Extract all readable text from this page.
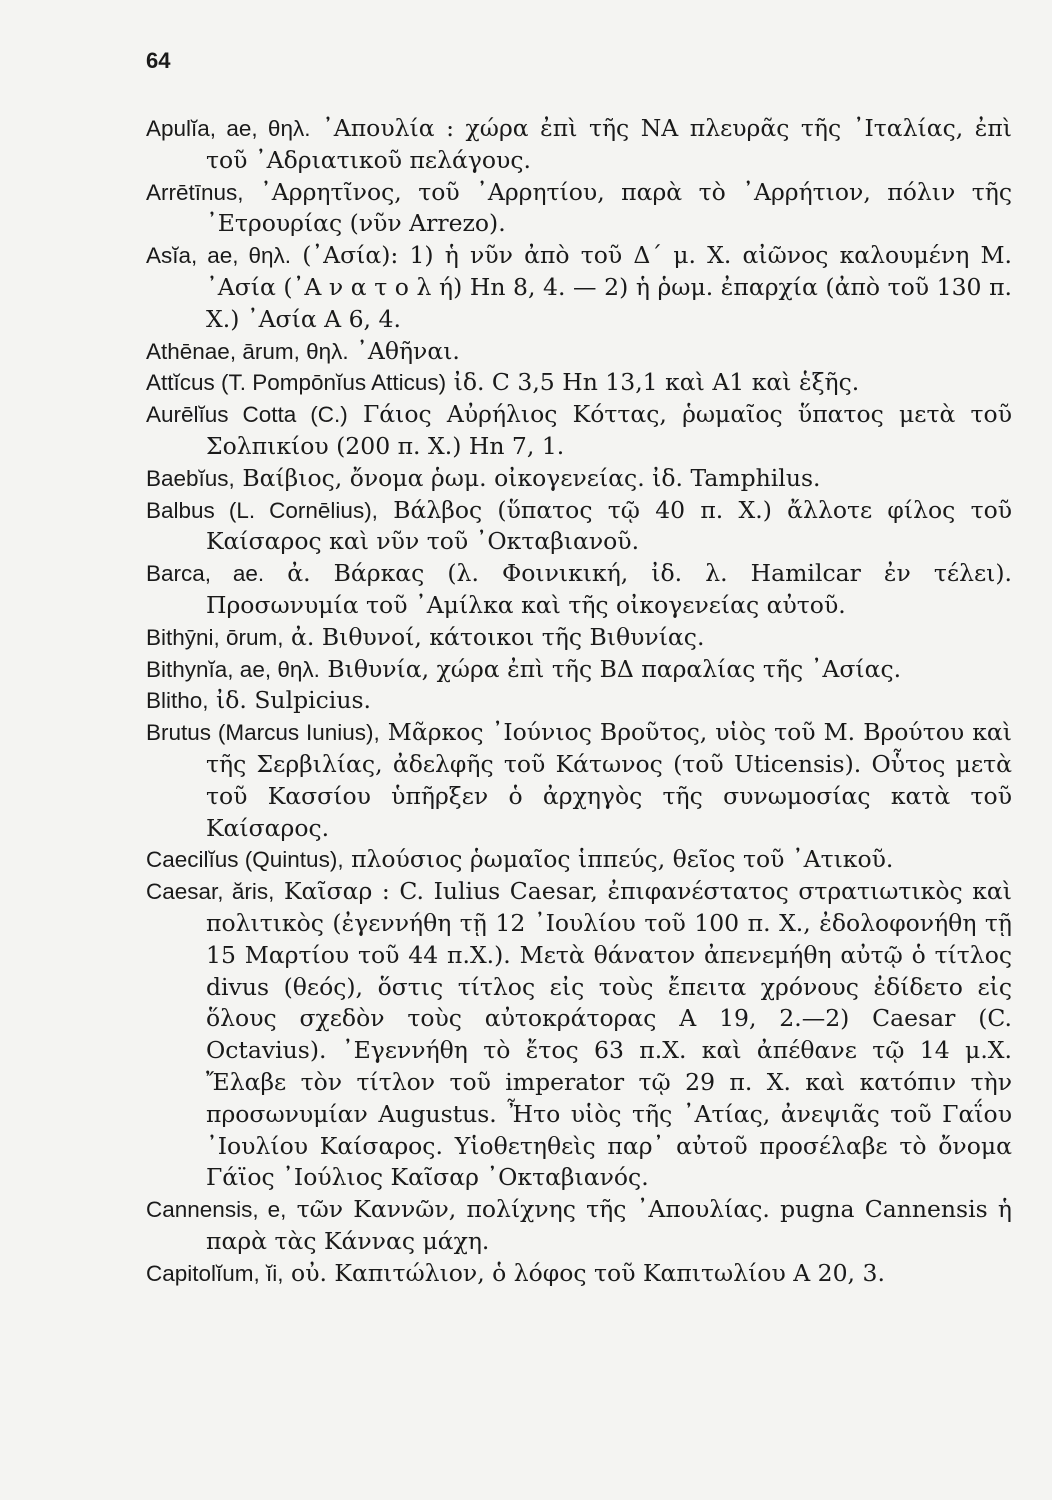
64

Apulĭa, ae, θηλ. ᾿Απουλία : χώρα ἐπὶ τῆς ΝΑ πλευρᾶς τῆς ᾿Ιταλίας, ἐπὶ τοῦ ᾿Αδριατικοῦ πελάγους.

Arrētīnus, ᾿Αρρητῖνος, τοῦ ᾿Αρρητίου, παρὰ τὸ ᾿Αρρήτιον, πόλιν τῆς ᾿Ετρουρίας (νῦν Arrezo).

Asĭa, ae, θηλ. (᾿Ασία): 1) ἡ νῦν ἀπὸ τοῦ Δ΄ μ. Χ. αἰῶνος καλουμένη Μ. ᾿Ασία (᾿Α ν α τ ο λ ή) Hn 8, 4. — 2) ἡ ῥωμ. ἐπαρχία (ἀπὸ τοῦ 130 π. Χ.) ᾿Ασία A 6, 4.

Athēnae, ārum, θηλ. ᾿Αθῆναι.

Attĭcus (T. Pompōnĭus Atticus) ἰδ. C 3,5 Hn 13,1 καὶ A1 καὶ ἑξῆς.

Aurēlĭus Cotta (C.) Γάιος Αὐρήλιος Κόττας, ῥωμαῖος ὕπατος μετὰ τοῦ Σολπικίου (200 π. Χ.) Hn 7, 1.

Baebĭus, Βαίβιος, ὄνομα ῥωμ. οἰκογενείας. ἰδ. Tamphilus.

Balbus (L. Cornēlius), Βάλβος (ὕπατος τῷ 40 π. Χ.) ἄλλοτε φίλος τοῦ Καίσαρος καὶ νῦν τοῦ ᾿Οκταβιανοῦ.

Barca, ae. ἀ. Βάρκας (λ. Φοινικική, ἰδ. λ. Hamilcar ἐν τέλει). Προσωνυμία τοῦ ᾿Αμίλκα καὶ τῆς οἰκογενείας αὐτοῦ.

Bithȳni, ōrum, ἀ. Βιθυνοί, κάτοικοι τῆς Βιθυνίας.

Bithynĭa, ae, θηλ. Βιθυνία, χώρα ἐπὶ τῆς ΒΔ παραλίας τῆς ᾿Ασίας.

Blitho, ἰδ. Sulpicius.

Brutus (Marcus Iunius), Μᾶρκος ᾿Ιούνιος Βροῦτος, υἱὸς τοῦ Μ. Βρούτου καὶ τῆς Σερβιλίας, ἀδελφῆς τοῦ Κάτωνος (τοῦ Uticensis). Οὗτος μετὰ τοῦ Κασσίου ὑπῆρξεν ὁ ἀρχηγὸς τῆς συνωμοσίας κατὰ τοῦ Καίσαρος.

Caecilĭus (Quintus), πλούσιος ῥωμαῖος ἱππεύς, θεῖος τοῦ ᾿Ατικοῦ.

Caesar, ăris, Καῖσαρ : C. Iulius Caesar, ἐπιφανέστατος στρατιωτικὸς καὶ πολιτικὸς (ἐγεννήθη τῇ 12 ᾿Ιουλίου τοῦ 100 π. Χ., ἐδολοφονήθη τῇ 15 Μαρτίου τοῦ 44 π.Χ.). Μετὰ θάνατον ἀπενεμήθη αὐτῷ ὁ τίτλος divus (θεός), ὅστις τίτλος εἰς τοὺς ἔπειτα χρόνους ἐδίδετο εἰς ὅλους σχεδὸν τοὺς αὐτοκράτορας A 19, 2.—2) Caesar (C. Octavius). ᾿Εγεννήθη τὸ ἔτος 63 π.Χ. καὶ ἀπέθανε τῷ 14 μ.Χ. Ἔλαβε τὸν τίτλον τοῦ imperator τῷ 29 π. Χ. καὶ κατόπιν τὴν προσωνυμίαν Augustus. Ἦτο υἱὸς τῆς ᾿Ατίας, ἀνεψιᾶς τοῦ Γαΐου ᾿Ιουλίου Καίσαρος. Υἱοθετηθεὶς παρ᾿ αὐτοῦ προσέλαβε τὸ ὄνομα Γάϊος ᾿Ιούλιος Καῖσαρ ᾿Οκταβιανός.

Cannensis, e, τῶν Καννῶν, πολίχνης τῆς ᾿Απουλίας. pugna Cannensis ἡ παρὰ τὰς Κάννας μάχη.

Capitolĭum, ĭi, οὐ. Καπιτώλιον, ὁ λόφος τοῦ Καπιτωλίου A 20, 3.
